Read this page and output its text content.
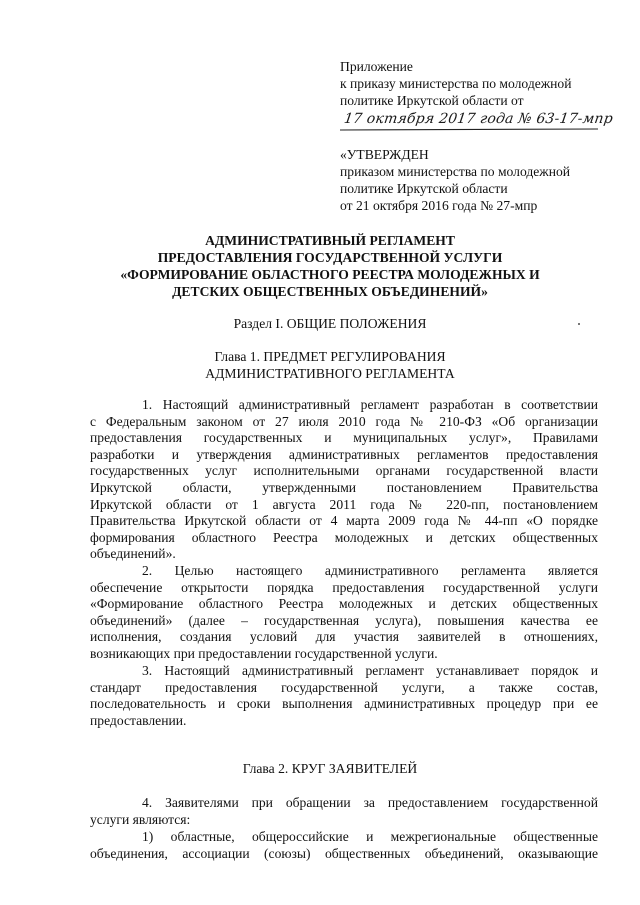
Приложение
к приказу министерства по молодежной
политике Иркутской области от
17 октября 2017 года № 63-17-мпр
«УТВЕРЖДЕН
приказом министерства по молодежной
политике Иркутской области
от 21 октября 2016 года № 27-мпр
АДМИНИСТРАТИВНЫЙ РЕГЛАМЕНТ
ПРЕДОСТАВЛЕНИЯ ГОСУДАРСТВЕННОЙ УСЛУГИ
«ФОРМИРОВАНИЕ ОБЛАСТНОГО РЕЕСТРА МОЛОДЕЖНЫХ И
ДЕТСКИХ ОБЩЕСТВЕННЫХ ОБЪЕДИНЕНИЙ»
Раздел I. ОБЩИЕ ПОЛОЖЕНИЯ
Глава 1. ПРЕДМЕТ РЕГУЛИРОВАНИЯ
АДМИНИСТРАТИВНОГО РЕГЛАМЕНТА
1. Настоящий административный регламент разработан в соответствии
с Федеральным законом от 27 июля 2010 года № 210-ФЗ «Об организации
предоставления государственных и муниципальных услуг», Правилами
разработки и утверждения административных регламентов предоставления
государственных услуг исполнительными органами государственной власти
Иркутской области, утвержденными постановлением Правительства
Иркутской области от 1 августа 2011 года № 220-пп, постановлением
Правительства Иркутской области от 4 марта 2009 года № 44-пп «О порядке
формирования областного Реестра молодежных и детских общественных
объединений».
2. Целью настоящего административного регламента является
обеспечение открытости порядка предоставления государственной услуги
«Формирование областного Реестра молодежных и детских общественных
объединений» (далее – государственная услуга), повышения качества ее
исполнения, создания условий для участия заявителей в отношениях,
возникающих при предоставлении государственной услуги.
3. Настоящий административный регламент устанавливает порядок и
стандарт предоставления государственной услуги, а также состав,
последовательность и сроки выполнения административных процедур при ее
предоставлении.
Глава 2. КРУГ ЗАЯВИТЕЛЕЙ
4. Заявителями при обращении за предоставлением государственной
услуги являются:
1) областные, общероссийские и межрегиональные общественные
объединения, ассоциации (союзы) общественных объединений, оказывающие
